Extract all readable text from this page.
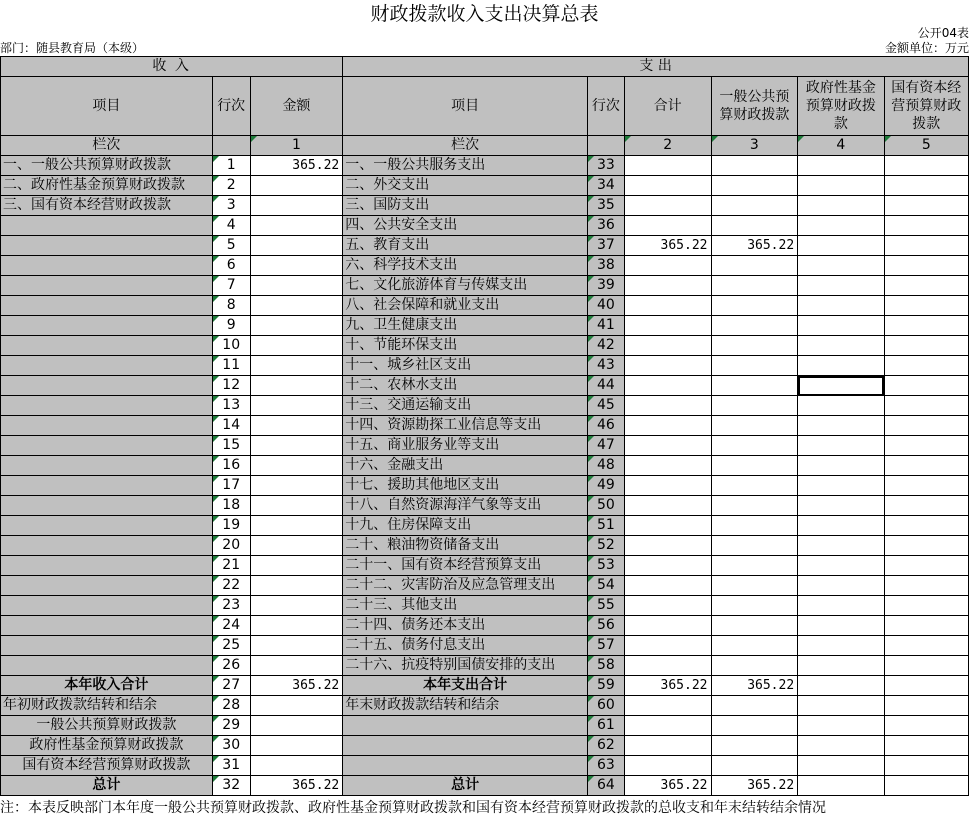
财政拨款收入支出决算总表
公开04表
部门：随县教育局（本级）	金额单位：万元
收 入			支 出					
项目	行次	金额	项目	行次	合计	一般公共预算财政拨款	政府性基金预算财政拨款	国有资本经营预算财政拨款
栏次		1	栏次		2	3	4	5
一、一般公共预算财政拨款	1	365.22	一、一般公共服务支出	33				
二、政府性基金预算财政拨款	2		二、外交支出	34				
三、国有资本经营财政拨款	3		三、国防支出	35				
	4		四、公共安全支出	36				
	5		五、教育支出	37	365.22	365.22		
	6		六、科学技术支出	38				
	7		七、文化旅游体育与传媒支出	39				
	8		八、社会保障和就业支出	40				
	9		九、卫生健康支出	41				
	10		十、节能环保支出	42				
	11		十一、城乡社区支出	43				
	12		十二、农林水支出	44				
	13		十三、交通运输支出	45				
	14		十四、资源勘探工业信息等支出	46				
	15		十五、商业服务业等支出	47				
	16		十六、金融支出	48				
	17		十七、援助其他地区支出	49				
	18		十八、自然资源海洋气象等支出	50				
	19		十九、住房保障支出	51				
	20		二十、粮油物资储备支出	52				
	21		二十一、国有资本经营预算支出	53				
	22		二十二、灾害防治及应急管理支出	54				
	23		二十三、其他支出	55				
	24		二十四、债务还本支出	56				
	25		二十五、债务付息支出	57				
	26		二十六、抗疫特别国债安排的支出	58				
本年收入合计	27	365.22	本年支出合计	59	365.22	365.22		
年初财政拨款结转和结余	28		年末财政拨款结转和结余	60				
一般公共预算财政拨款	29			61				
政府性基金预算财政拨款	30			62				
国有资本经营预算财政拨款	31			63				
总计	32	365.22	总计	64	365.22	365.22		
注：本表反映部门本年度一般公共预算财政拨款、政府性基金预算财政拨款和国有资本经营预算财政拨款的总收支和年末结转结余情况
